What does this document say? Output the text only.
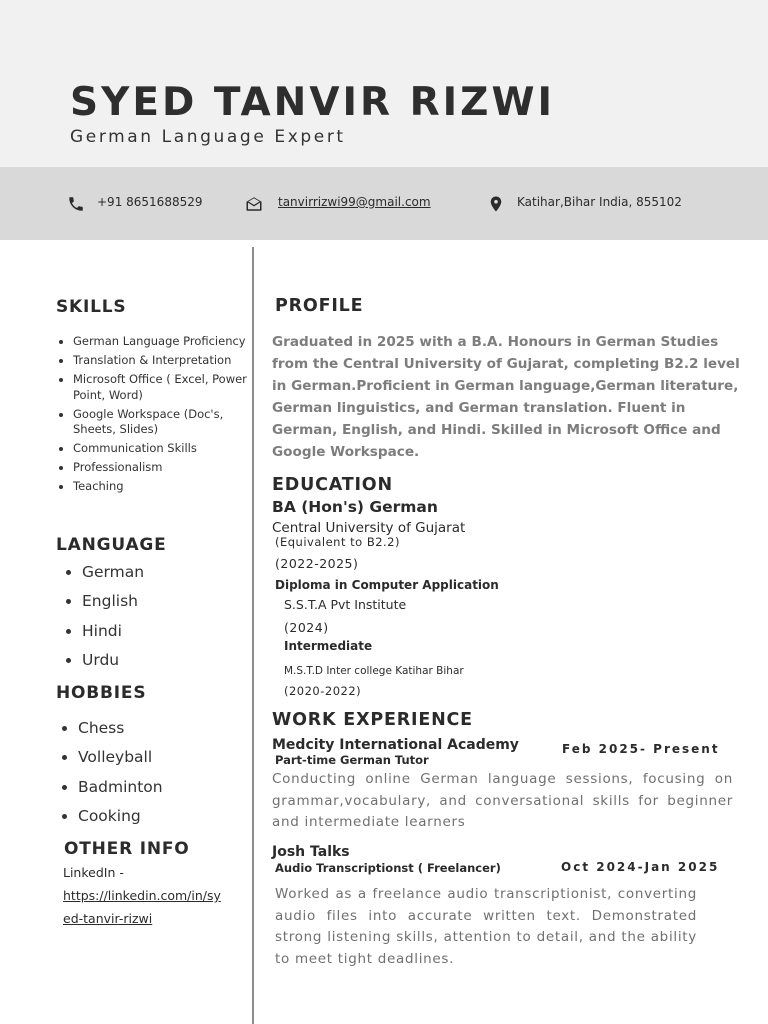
SYED TANVIR RIZWI
German Language Expert
+91 8651688529	tanvirrizwi99@gmail.com	Katihar,Bihar India, 855102
SKILLS
• German Language Proficiency
• Translation & Interpretation
• Microsoft Office ( Excel, Power Point, Word)
• Google Workspace (Doc's, Sheets, Slides)
• Communication Skills
• Professionalism
• Teaching
LANGUAGE
• German
• English
• Hindi
• Urdu
HOBBIES
• Chess
• Volleyball
• Badminton
• Cooking
OTHER INFO
LinkedIn -
https://linkedin.com/in/sy
ed-tanvir-rizwi
PROFILE
Graduated in 2025 with a B.A. Honours in German Studies from the Central University of Gujarat, completing B2.2 level in German.Proficient in German language,German literature, German linguistics, and German translation. Fluent in German, English, and Hindi. Skilled in Microsoft Office and Google Workspace.
EDUCATION
BA (Hon's) German
Central University of Gujarat
(Equivalent to B2.2)
(2022-2025)
Diploma in Computer Application
S.S.T.A Pvt Institute
(2024)
Intermediate
M.S.T.D Inter college Katihar Bihar
(2020-2022)
WORK EXPERIENCE
Medcity International Academy	Feb 2025- Present
Part-time German Tutor
Conducting online German language sessions, focusing on grammar,vocabulary, and conversational skills for beginner and intermediate learners
Josh Talks
Audio Transcriptionst ( Freelancer)	Oct 2024-Jan 2025
Worked as a freelance audio transcriptionist, converting audio files into accurate written text. Demonstrated strong listening skills, attention to detail, and the ability to meet tight deadlines.
